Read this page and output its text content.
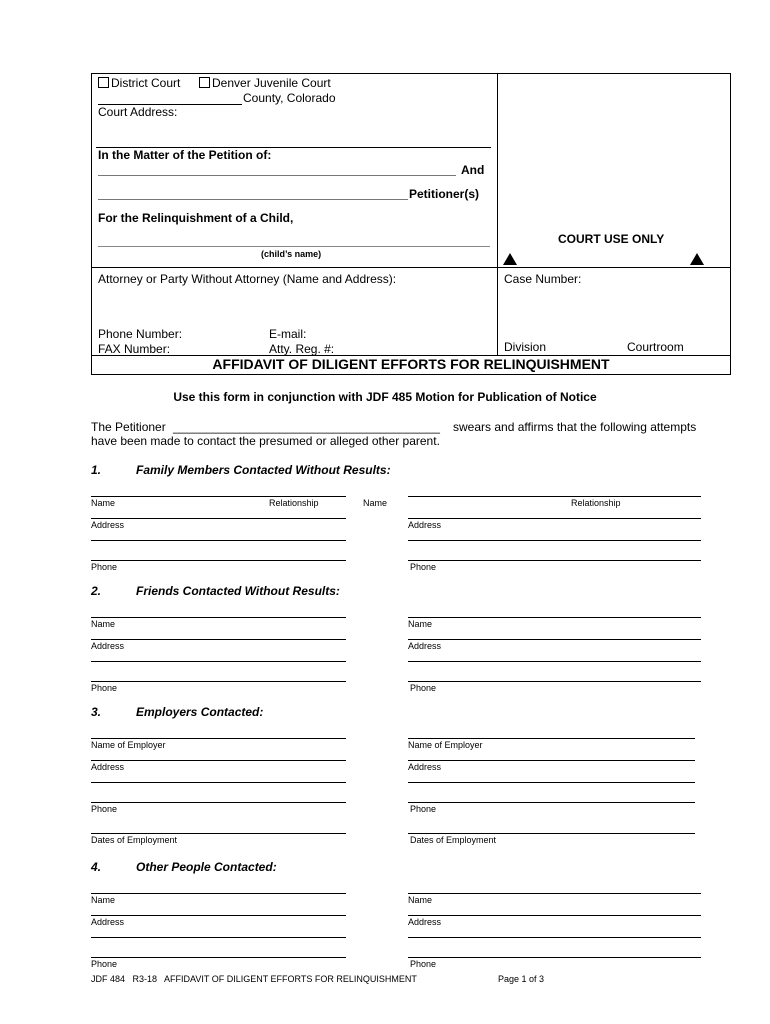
District Court	Denver Juvenile Court
County, Colorado
Court Address:
In the Matter of the Petition of:
And
Petitioner(s)
For the Relinquishment of a Child,
(child’s name)
COURT USE ONLY
Attorney or Party Without Attorney (Name and Address):	Case Number:
Phone Number:	E-mail:
FAX Number:	Atty. Reg. #:	Division	Courtroom
AFFIDAVIT OF DILIGENT EFFORTS FOR RELINQUISHMENT
Use this form in conjunction with JDF 485 Motion for Publication of Notice
The Petitioner ________________________________________ swears and affirms that the following attempts
have been made to contact the presumed or alleged other parent.
1.	Family Members Contacted Without Results:
Name	Relationship	Name	Relationship
Address	Address
Phone	Phone
2.	Friends Contacted Without Results:
Name	Name
Address	Address
Phone	Phone
3.	Employers Contacted:
Name of Employer	Name of Employer
Address	Address
Phone	Phone
Dates of Employment	Dates of Employment
4.	Other People Contacted:
Name	Name
Address	Address
Phone	Phone
JDF 484   R3-18   AFFIDAVIT OF DILIGENT EFFORTS FOR RELINQUISHMENT	Page 1 of 3
